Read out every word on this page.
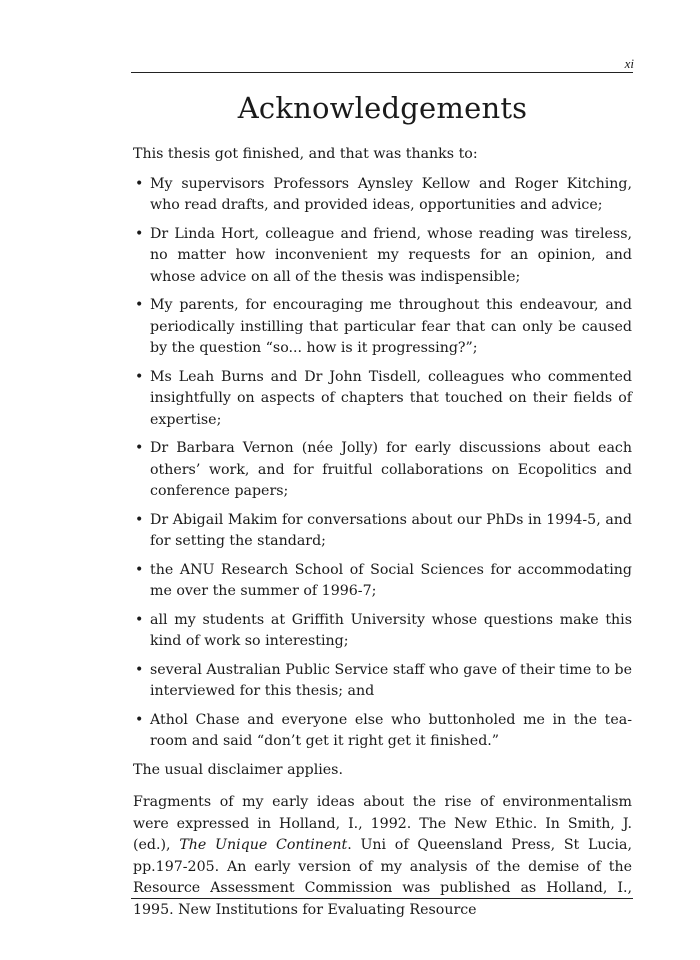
xi
Acknowledgements

This thesis got finished, and that was thanks to:

• My supervisors Professors Aynsley Kellow and Roger Kitching, who read drafts, and provided ideas, opportunities and advice;
• Dr Linda Hort, colleague and friend, whose reading was tireless, no matter how inconvenient my requests for an opinion, and whose advice on all of the thesis was indispensible;
• My parents, for encouraging me throughout this endeavour, and periodically instilling that particular fear that can only be caused by the question “so... how is it progressing?”;
• Ms Leah Burns and Dr John Tisdell, colleagues who commented insightfully on aspects of chapters that touched on their fields of expertise;
• Dr Barbara Vernon (née Jolly) for early discussions about each others’ work, and for fruitful collaborations on Ecopolitics and conference papers;
• Dr Abigail Makim for conversations about our PhDs in 1994-5, and for setting the standard;
• the ANU Research School of Social Sciences for accommodating me over the summer of 1996-7;
• all my students at Griffith University whose questions make this kind of work so interesting;
• several Australian Public Service staff who gave of their time to be interviewed for this thesis; and
• Athol Chase and everyone else who buttonholed me in the tea-room and said “don’t get it right get it finished.”

The usual disclaimer applies.

Fragments of my early ideas about the rise of environmentalism were expressed in Holland, I., 1992. The New Ethic. In Smith, J. (ed.), The Unique Continent. Uni of Queensland Press, St Lucia, pp.197-205. An early version of my analysis of the demise of the Resource Assessment Commission was published as Holland, I., 1995. New Institutions for Evaluating Resource
